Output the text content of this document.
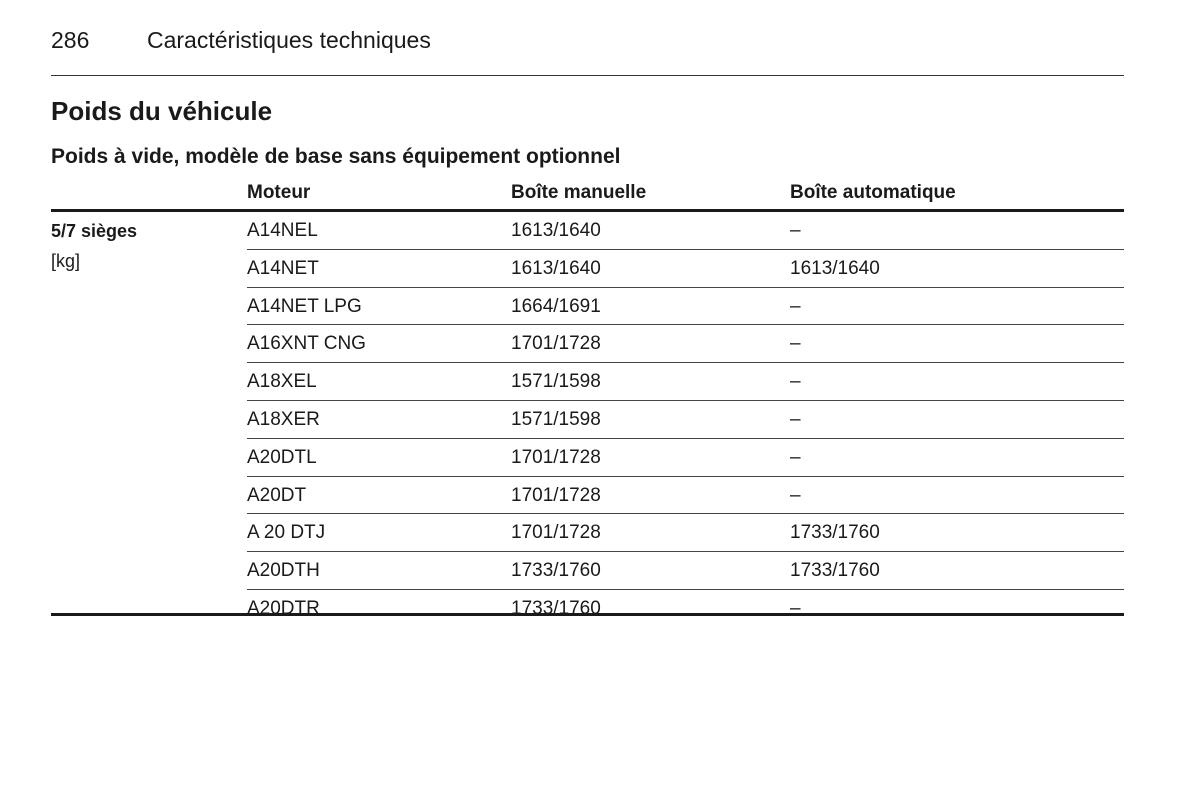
286	Caractéristiques techniques
Poids du véhicule
Poids à vide, modèle de base sans équipement optionnel
Moteur	Boîte manuelle	Boîte automatique
5/7 sièges
[kg]
A14NEL	1613/1640	–
A14NET	1613/1640	1613/1640
A14NET LPG	1664/1691	–
A16XNT CNG	1701/1728	–
A18XEL	1571/1598	–
A18XER	1571/1598	–
A20DTL	1701/1728	–
A20DT	1701/1728	–
A 20 DTJ	1701/1728	1733/1760
A20DTH	1733/1760	1733/1760
A20DTR	1733/1760	–
